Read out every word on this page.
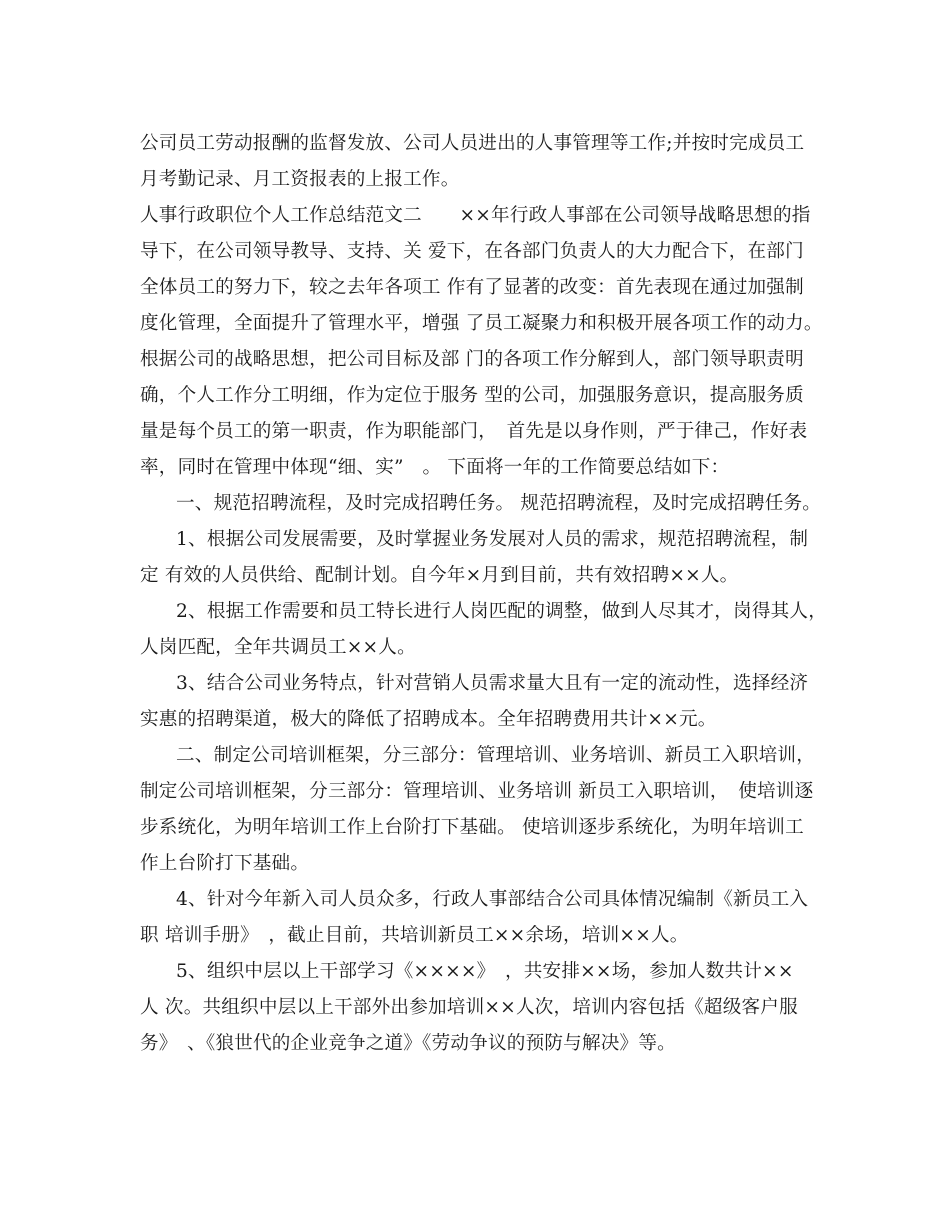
公司员工劳动报酬的监督发放、公司人员进出的人事管理等工作;并按时完成员工
月考勤记录、月工资报表的上报工作。
人事行政职位个人工作总结范文二　　××年行政人事部在公司领导战略思想的指
导下，在公司领导教导、支持、关 爱下，在各部门负责人的大力配合下，在部门
全体员工的努力下，较之去年各项工 作有了显著的改变：首先表现在通过加强制
度化管理，全面提升了管理水平，增强 了员工凝聚力和积极开展各项工作的动力。
根据公司的战略思想，把公司目标及部 门的各项工作分解到人，部门领导职责明
确，个人工作分工明细，作为定位于服务 型的公司，加强服务意识，提高服务质
量是每个员工的第一职责，作为职能部门，　首先是以身作则，严于律己，作好表
率，同时在管理中体现“细、实”　。 下面将一年的工作简要总结如下：
一、规范招聘流程，及时完成招聘任务。 规范招聘流程，及时完成招聘任务。
1、根据公司发展需要，及时掌握业务发展对人员的需求，规范招聘流程，制
定 有效的人员供给、配制计划。自今年×月到目前，共有效招聘××人。
2、根据工作需要和员工特长进行人岗匹配的调整，做到人尽其才，岗得其人，
人岗匹配，全年共调员工××人。
3、结合公司业务特点，针对营销人员需求量大且有一定的流动性，选择经济
实惠的招聘渠道，极大的降低了招聘成本。全年招聘费用共计××元。
二、制定公司培训框架，分三部分：管理培训、业务培训、新员工入职培训，
制定公司培训框架，分三部分：管理培训、业务培训 新员工入职培训，　使培训逐
步系统化，为明年培训工作上台阶打下基础。 使培训逐步系统化，为明年培训工
作上台阶打下基础。
4、针对今年新入司人员众多，行政人事部结合公司具体情况编制《新员工入
职 培训手册》　，截止目前，共培训新员工××余场，培训××人。
5、组织中层以上干部学习《××××》　，共安排××场，参加人数共计××
人 次。共组织中层以上干部外出参加培训××人次，培训内容包括《超级客户服
务》　、《狼世代的企业竞争之道》《劳动争议的预防与解决》等。
